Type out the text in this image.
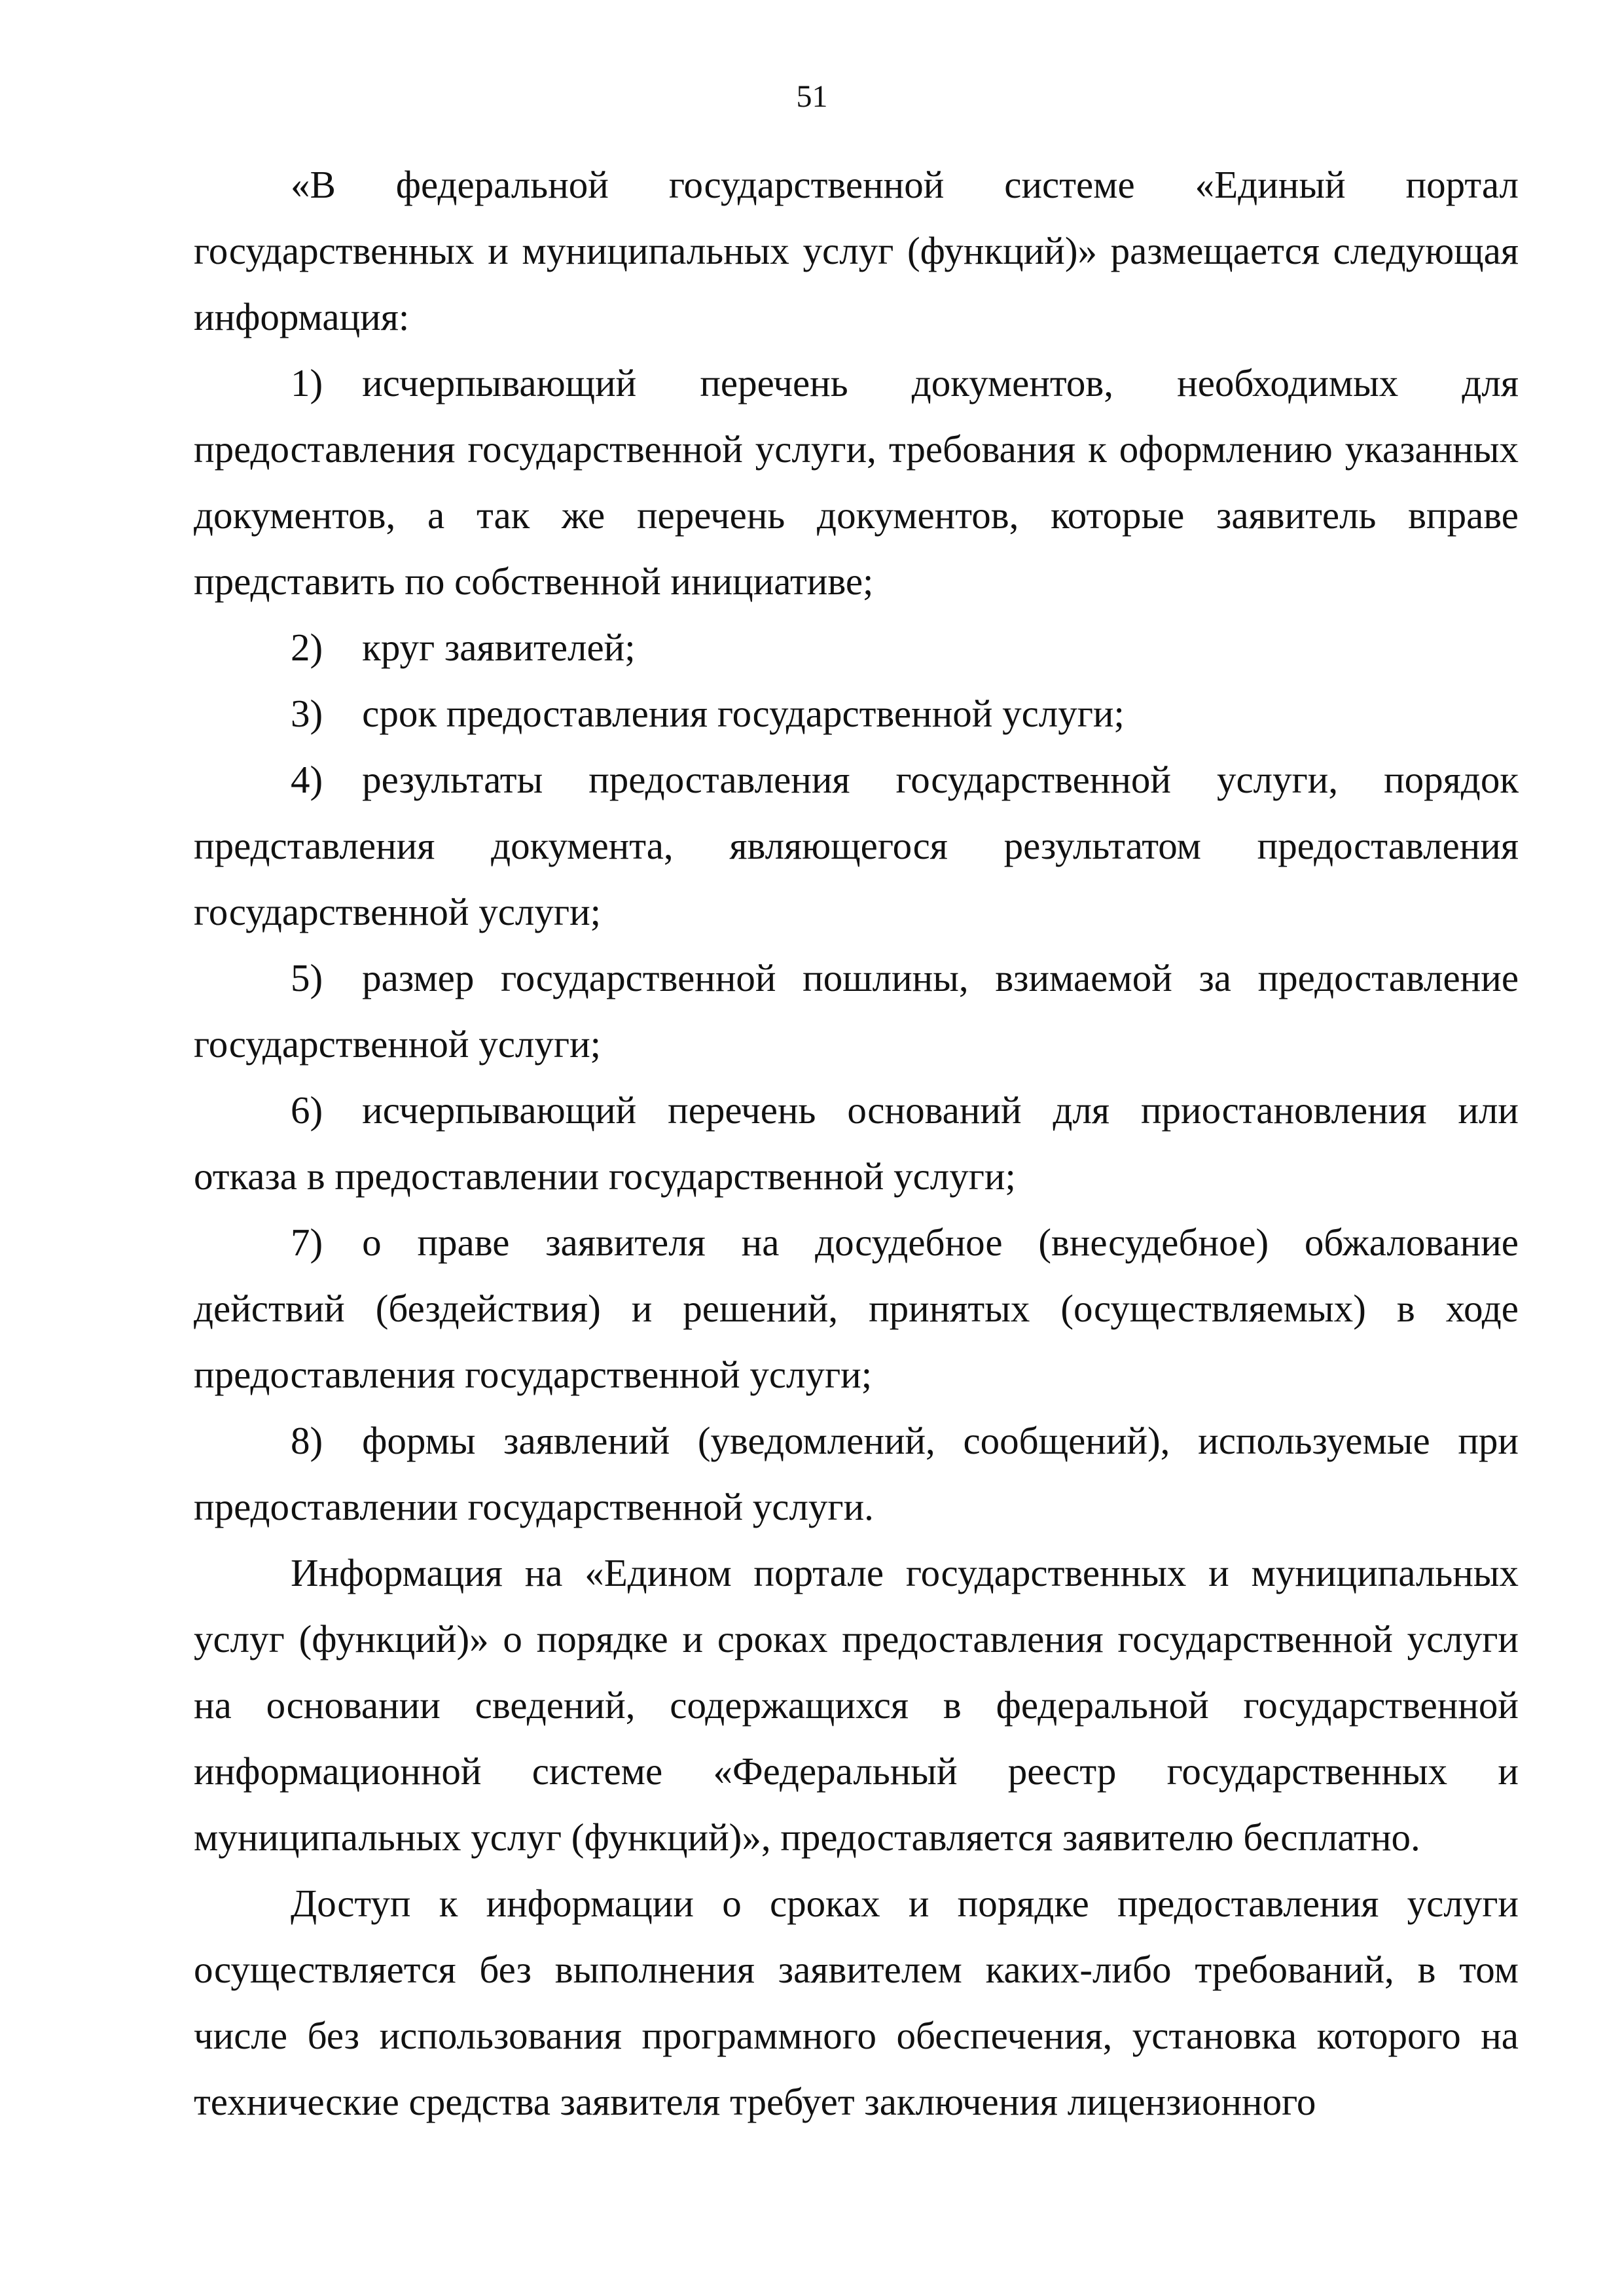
51

«В федеральной государственной системе «Единый портал государственных и муниципальных услуг (функций)» размещается следующая информация:

1) исчерпывающий перечень документов, необходимых для предоставления государственной услуги, требования к оформлению указанных документов, а так же перечень документов, которые заявитель вправе представить по собственной инициативе;

2) круг заявителей;

3) срок предоставления государственной услуги;

4) результаты предоставления государственной услуги, порядок представления документа, являющегося результатом предоставления государственной услуги;

5) размер государственной пошлины, взимаемой за предоставление государственной услуги;

6) исчерпывающий перечень оснований для приостановления или отказа в предоставлении государственной услуги;

7) о праве заявителя на досудебное (внесудебное) обжалование действий (бездействия) и решений, принятых (осуществляемых) в ходе предоставления государственной услуги;

8) формы заявлений (уведомлений, сообщений), используемые при предоставлении государственной услуги.

Информация на «Едином портале государственных и муниципальных услуг (функций)» о порядке и сроках предоставления государственной услуги на основании сведений, содержащихся в федеральной государственной информационной системе «Федеральный реестр государственных и муниципальных услуг (функций)», предоставляется заявителю бесплатно.

Доступ к информации о сроках и порядке предоставления услуги осуществляется без выполнения заявителем каких-либо требований, в том числе без использования программного обеспечения, установка которого на технические средства заявителя требует заключения лицензионного
